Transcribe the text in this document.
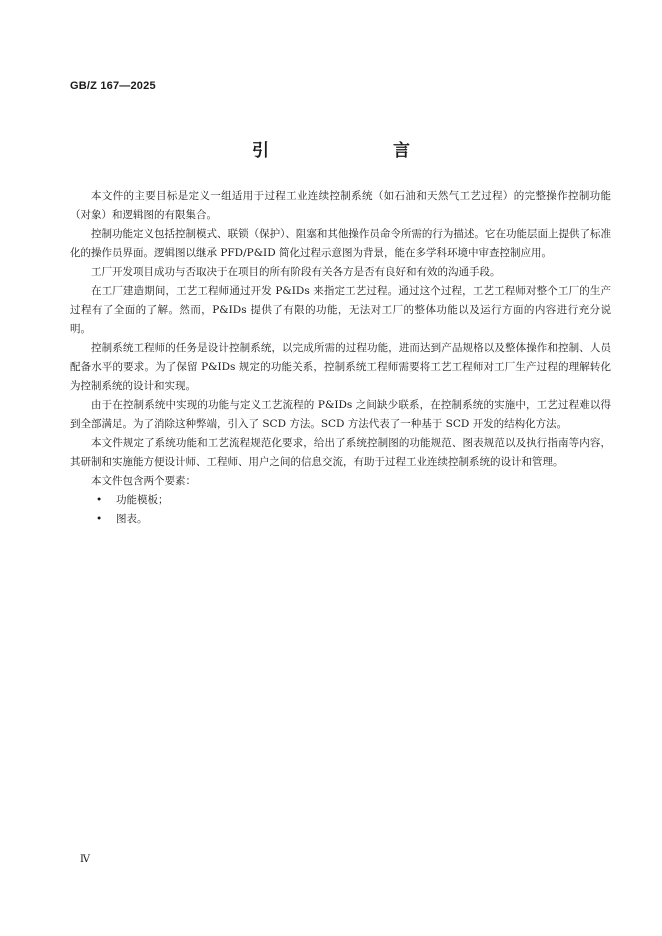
GB/Z 167—2025
引　　言

本文件的主要目标是定义一组适用于过程工业连续控制系统（如石油和天然气工艺过程）的完整操作控制功能（对象）和逻辑图的有限集合。

控制功能定义包括控制模式、联锁（保护）、阻塞和其他操作员命令所需的行为描述。它在功能层面上提供了标准化的操作员界面。逻辑图以继承 PFD/P&ID 简化过程示意图为背景，能在多学科环境中审查控制应用。

工厂开发项目成功与否取决于在项目的所有阶段有关各方是否有良好和有效的沟通手段。

在工厂建造期间，工艺工程师通过开发 P&IDs 来指定工艺过程。通过这个过程，工艺工程师对整个工厂的生产过程有了全面的了解。然而，P&IDs 提供了有限的功能，无法对工厂的整体功能以及运行方面的内容进行充分说明。

控制系统工程师的任务是设计控制系统，以完成所需的过程功能，进而达到产品规格以及整体操作和控制、人员配备水平的要求。为了保留 P&IDs 规定的功能关系，控制系统工程师需要将工艺工程师对工厂生产过程的理解转化为控制系统的设计和实现。

由于在控制系统中实现的功能与定义工艺流程的 P&IDs 之间缺少联系，在控制系统的实施中，工艺过程难以得到全部满足。为了消除这种弊端，引入了 SCD 方法。SCD 方法代表了一种基于 SCD 开发的结构化方法。

本文件规定了系统功能和工艺流程规范化要求，给出了系统控制图的功能规范、图表规范以及执行指南等内容，其研制和实施能方便设计师、工程师、用户之间的信息交流，有助于过程工业连续控制系统的设计和管理。

本文件包含两个要素：

• 功能模板；
• 图表。
Ⅳ
